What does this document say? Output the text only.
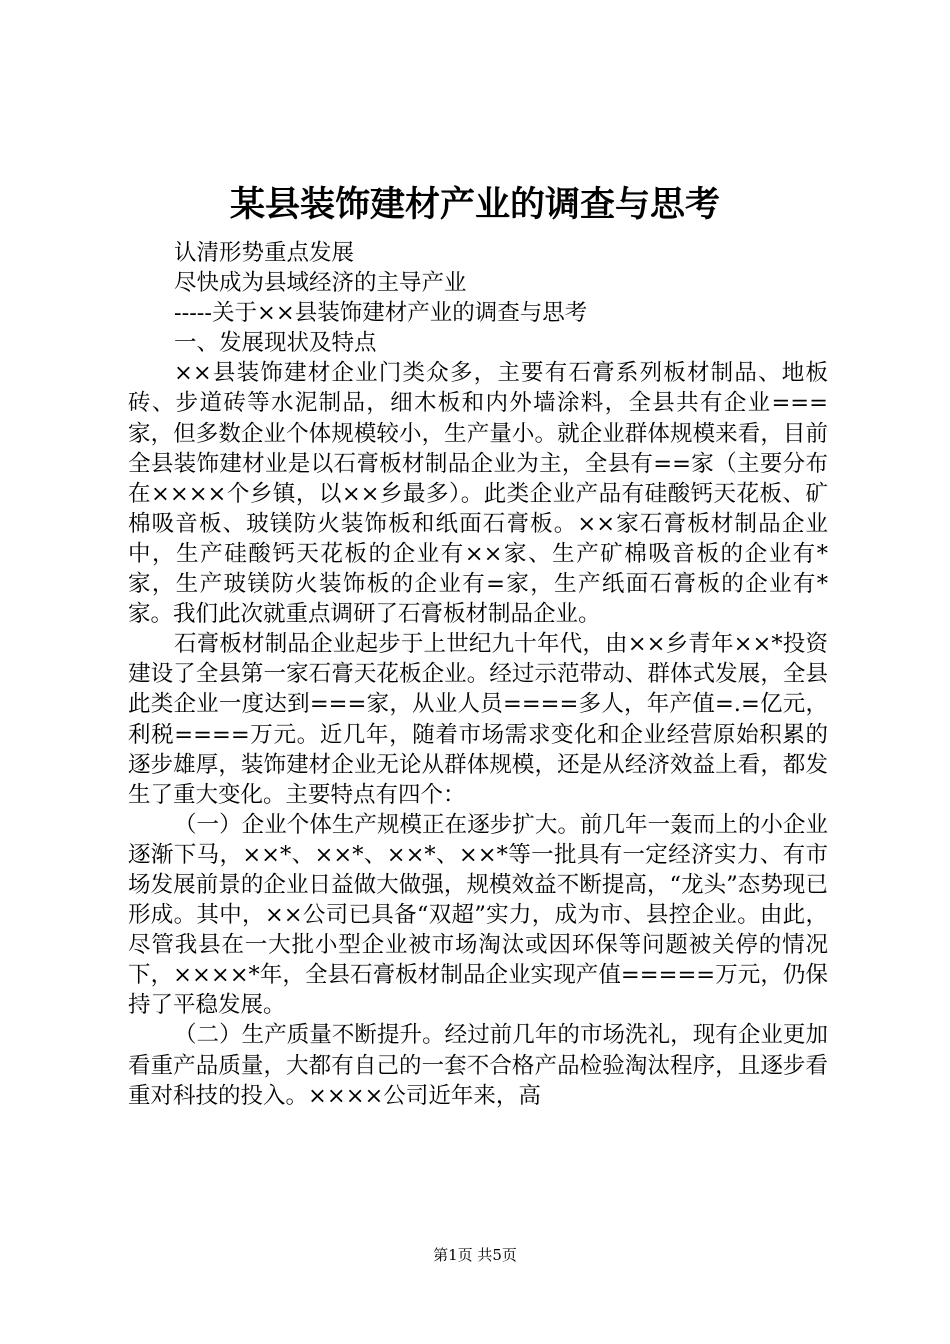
某县装饰建材产业的调查与思考

认清形势重点发展

尽快成为县域经济的主导产业

-----关于××县装饰建材产业的调查与思考

一、发展现状及特点

××县装饰建材企业门类众多，主要有石膏系列板材制品、地板砖、步道砖等水泥制品，细木板和内外墙涂料，全县共有企业===家，但多数企业个体规模较小，生产量小。就企业群体规模来看，目前全县装饰建材业是以石膏板材制品企业为主，全县有==家（主要分布在××××个乡镇，以××乡最多）。此类企业产品有硅酸钙天花板、矿棉吸音板、玻镁防火装饰板和纸面石膏板。××家石膏板材制品企业中，生产硅酸钙天花板的企业有××家、生产矿棉吸音板的企业有*家，生产玻镁防火装饰板的企业有=家，生产纸面石膏板的企业有*家。我们此次就重点调研了石膏板材制品企业。

石膏板材制品企业起步于上世纪九十年代，由××乡青年××*投资建设了全县第一家石膏天花板企业。经过示范带动、群体式发展，全县此类企业一度达到===家，从业人员====多人，年产值=.=亿元，利税====万元。近几年，随着市场需求变化和企业经营原始积累的逐步雄厚，装饰建材企业无论从群体规模，还是从经济效益上看，都发生了重大变化。主要特点有四个：

（一）企业个体生产规模正在逐步扩大。前几年一轰而上的小企业逐渐下马，××*、××*、××*、××*等一批具有一定经济实力、有市场发展前景的企业日益做大做强，规模效益不断提高，“龙头”态势现已形成。其中，××公司已具备“双超”实力，成为市、县控企业。由此，尽管我县在一大批小型企业被市场淘汰或因环保等问题被关停的情况下，××××*年，全县石膏板材制品企业实现产值=====万元，仍保持了平稳发展。

（二）生产质量不断提升。经过前几年的市场洗礼，现有企业更加看重产品质量，大都有自己的一套不合格产品检验淘汰程序，且逐步看重对科技的投入。××××公司近年来，高

第1页 共5页
